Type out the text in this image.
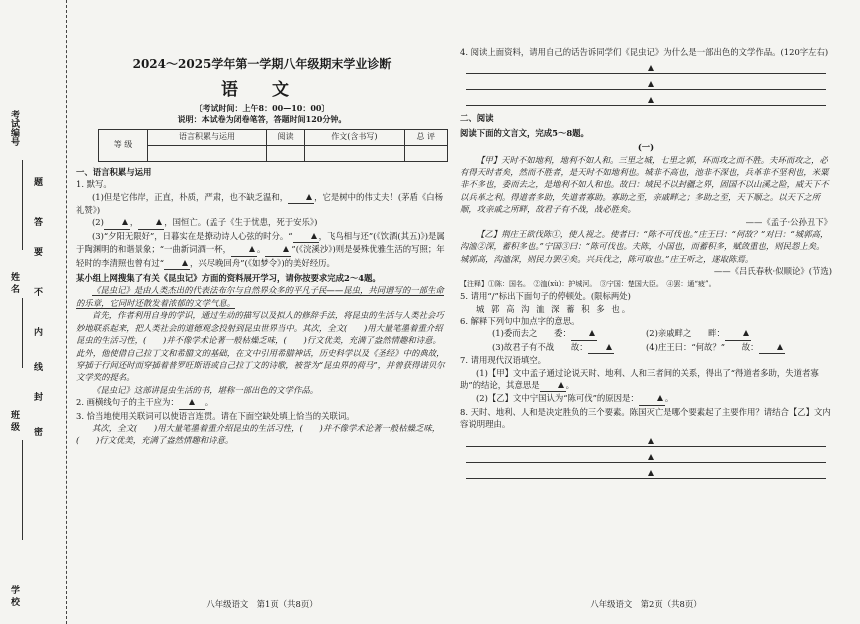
考试编号
姓 名
班 级
学 校
题
答
要
不
内
线
封
密
2024～2025学年第一学期八年级期末学业诊断
语 文
〔考试时间：上午8：00—10：00〕
说明：本试卷为闭卷笔答，答题时间120分钟。
等 级	语言积累与运用	阅读	作文(含书写)	总 评

一、语言积累与运用
1. 默写。
(1)但是它伟岸，正直，朴质，严肃，也不缺乏温和，	，它是树中的伟丈夫！(茅盾《白杨礼赞》)
(2)	，	，国恒亡。(孟子《生于忧患，死于安乐》)
(3)“夕阳无限好”，日暮实在是撩动诗人心弦的时分。“	，飞鸟相与还”(《饮酒(其五)》)是属于陶渊明的和谐景象；“一曲新词酒一杯，	。	”(《浣溪沙》)则是晏殊优雅生活的写照；年轻时的李清照也曾有过“	，兴尽晚回舟”(《如梦令》)的美好经历。
某小组上网搜集了有关《昆虫记》方面的资料展开学习，请你按要求完成2～4题。
《昆虫记》是由人类杰出的代表法布尔与自然界众多的平凡子民——昆虫，共同谱写的一部生命的乐章，它同时还散发着浓郁的文学气息。
首先，作者利用自身的学识，通过生动的描写以及拟人的修辞手法，将昆虫的生活与人类社会巧妙地联系起来，把人类社会的道德观念投射到昆虫世界当中。其次，全文(　　)用大量笔墨着重介绍昆虫的生活习性，(　　)并不像学术论著一般枯燥乏味，(　　)行文优美，充满了盎然情趣和诗意。此外，他使借自己拉丁文和希腊文的基础，在文中引用希腊神话，历史科学以及《圣经》中的典故，穿插于行间还时而穿插着普罗旺斯语或自己拉丁文的诗歌，被誉为“昆虫界的荷马”，并曾获得诺贝尔文学奖的提名。
《昆虫记》这部讲昆虫生活的书，堪称一部出色的文学作品。
2. 画横线句子的主干应为：	。
3. 恰当地使用关联词可以使语言连贯。请在下面空缺处填上恰当的关联词。
其次，全文(　　)用大量笔墨着重介绍昆虫的生活习性，(　　)并不像学术论著一般枯燥乏味，(　　)行文优美，充满了盎然情趣和诗意。
八年级语文　第1页（共8页）
4. 阅读上面资料，请用自己的话告诉同学们《昆虫记》为什么是一部出色的文学作品。(120字左右)
二、阅读
阅读下面的文言文，完成5～8题。
(一)
【甲】天时不如地利，地利不如人和。三里之城，七里之郭，环而攻之而不胜。夫环而攻之，必有得天时者矣，然而不胜者，是天时不如地利也。城非不高也，池非不深也，兵革非不坚利也，米粟非不多也，委而去之，是地利不如人和也。故曰：域民不以封疆之界，固国不以山溪之险，威天下不以兵革之利。得道者多助，失道者寡助。寡助之至，亲戚畔之；多助之至，天下顺之。以天下之所顺，攻亲戚之所畔，故君子有不战，战必胜矣。
——《孟子·公孙丑下》
【乙】荆庄王欲伐陈①，使人视之。使者曰：“陈不可伐也。”庄王曰：“何故？”对曰：“城郭高，沟洫②深，蓄积多也。”宁国③曰：“陈可伐也。夫陈，小国也，而蓄积多，赋敛重也，则民怨上矣。城郭高，沟洫深，则民力罢④矣。兴兵伐之，陈可取也。”庄王听之，遂取陈焉。
——《吕氏春秋·似顺论》(节选)
【注释】①陈：国名。　②洫(xù)：护城河。　③宁国：楚国大臣。　④罢：通“疲”。
5. 请用“/”标出下面句子的停顿处。(限标两处)
城 郭 高 沟 洫 深 蓄 积 多 也。
6. 解释下列句中加点字的意思。
(1)委而去之　　委：	(2)亲戚畔之　　畔：
(3)故君子有不战　　故：	(4)庄王曰：“何故？”　　故：
7. 请用现代汉语填空。
(1)【甲】文中孟子通过论说天时、地利、人和三者间的关系，得出了“得道者多助，失道者寡助”的结论，其意思是	。
(2)【乙】文中宁国认为“陈可伐”的原因是：	。
8. 天时、地利、人和是决定胜负的三个要素。陈国灭亡是哪个要素起了主要作用？请结合【乙】文内容说明理由。
八年级语文　第2页（共8页）
